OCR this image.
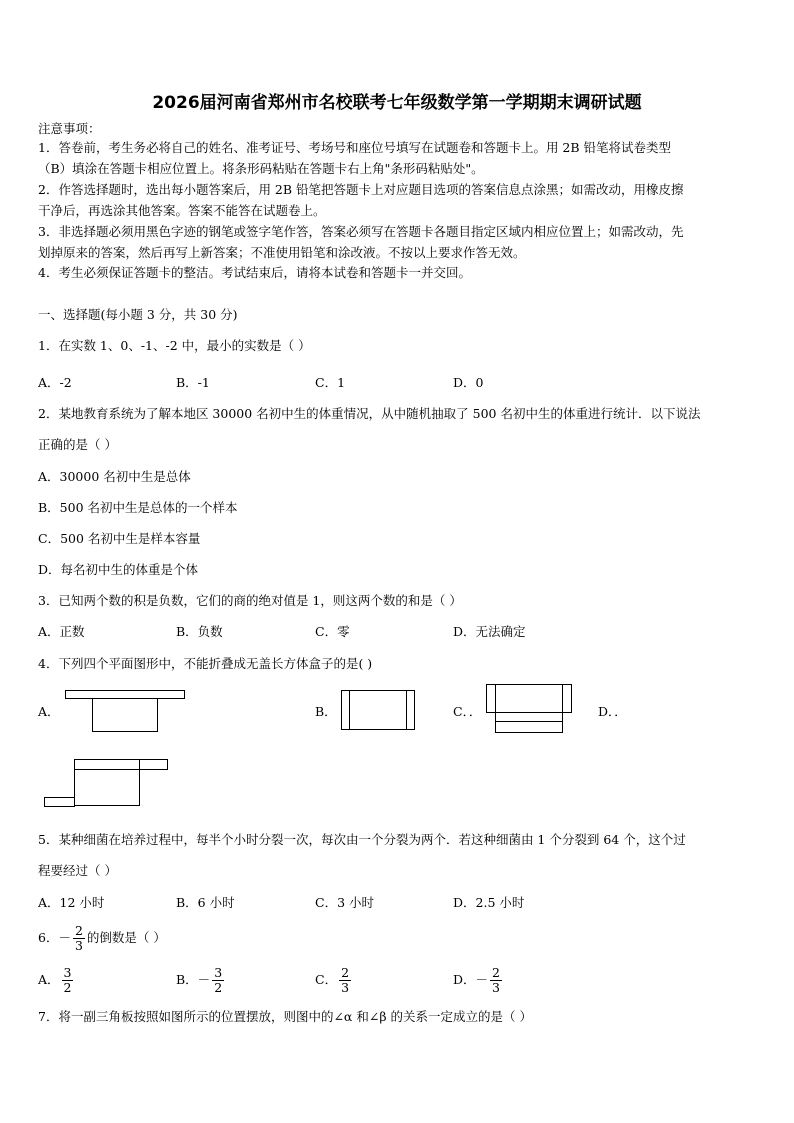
2026届河南省郑州市名校联考七年级数学第一学期期末调研试题
注意事项：
1．答卷前，考生务必将自己的姓名、准考证号、考场号和座位号填写在试题卷和答题卡上。用 2B 铅笔将试卷类型
（B）填涂在答题卡相应位置上。将条形码粘贴在答题卡右上角"条形码粘贴处"。
2．作答选择题时，选出每小题答案后，用 2B 铅笔把答题卡上对应题目选项的答案信息点涂黑；如需改动，用橡皮擦
干净后，再选涂其他答案。答案不能答在试题卷上。
3．非选择题必须用黑色字迹的钢笔或签字笔作答，答案必须写在答题卡各题目指定区域内相应位置上；如需改动，先
划掉原来的答案，然后再写上新答案；不准使用铅笔和涂改液。不按以上要求作答无效。
4．考生必须保证答题卡的整洁。考试结束后，请将本试卷和答题卡一并交回。
一、选择题(每小题 3 分，共 30 分)
1．在实数 1、0、-1、-2 中，最小的实数是（ ）
A．-2	B．-1	C．1	D．0
2．某地教育系统为了解本地区 30000 名初中生的体重情况，从中随机抽取了 500 名初中生的体重进行统计．以下说法
正确的是（ ）
A．30000 名初中生是总体
B．500 名初中生是总体的一个样本
C．500 名初中生是样本容量
D．每名初中生的体重是个体
3．已知两个数的积是负数，它们的商的绝对值是 1，则这两个数的和是（ ）
A．正数	B．负数	C．零	D．无法确定
4．下列四个平面图形中，不能折叠成无盖长方体盒子的是( )
A．	B．	C．．	D．．
5．某种细菌在培养过程中，每半个小时分裂一次，每次由一个分裂为两个．若这种细菌由 1 个分裂到 64 个，这个过
程要经过（ ）
A．12 小时	B．6 小时	C．3 小时	D．2.5 小时
6．－ $\frac{2}{3}$ 的倒数是（ ）
A． $\frac{3}{2}$	B．－ $\frac{3}{2}$	C． $\frac{2}{3}$	D．－ $\frac{2}{3}$
7．将一副三角板按照如图所示的位置摆放，则图中的∠α 和∠β 的关系一定成立的是（ ）
